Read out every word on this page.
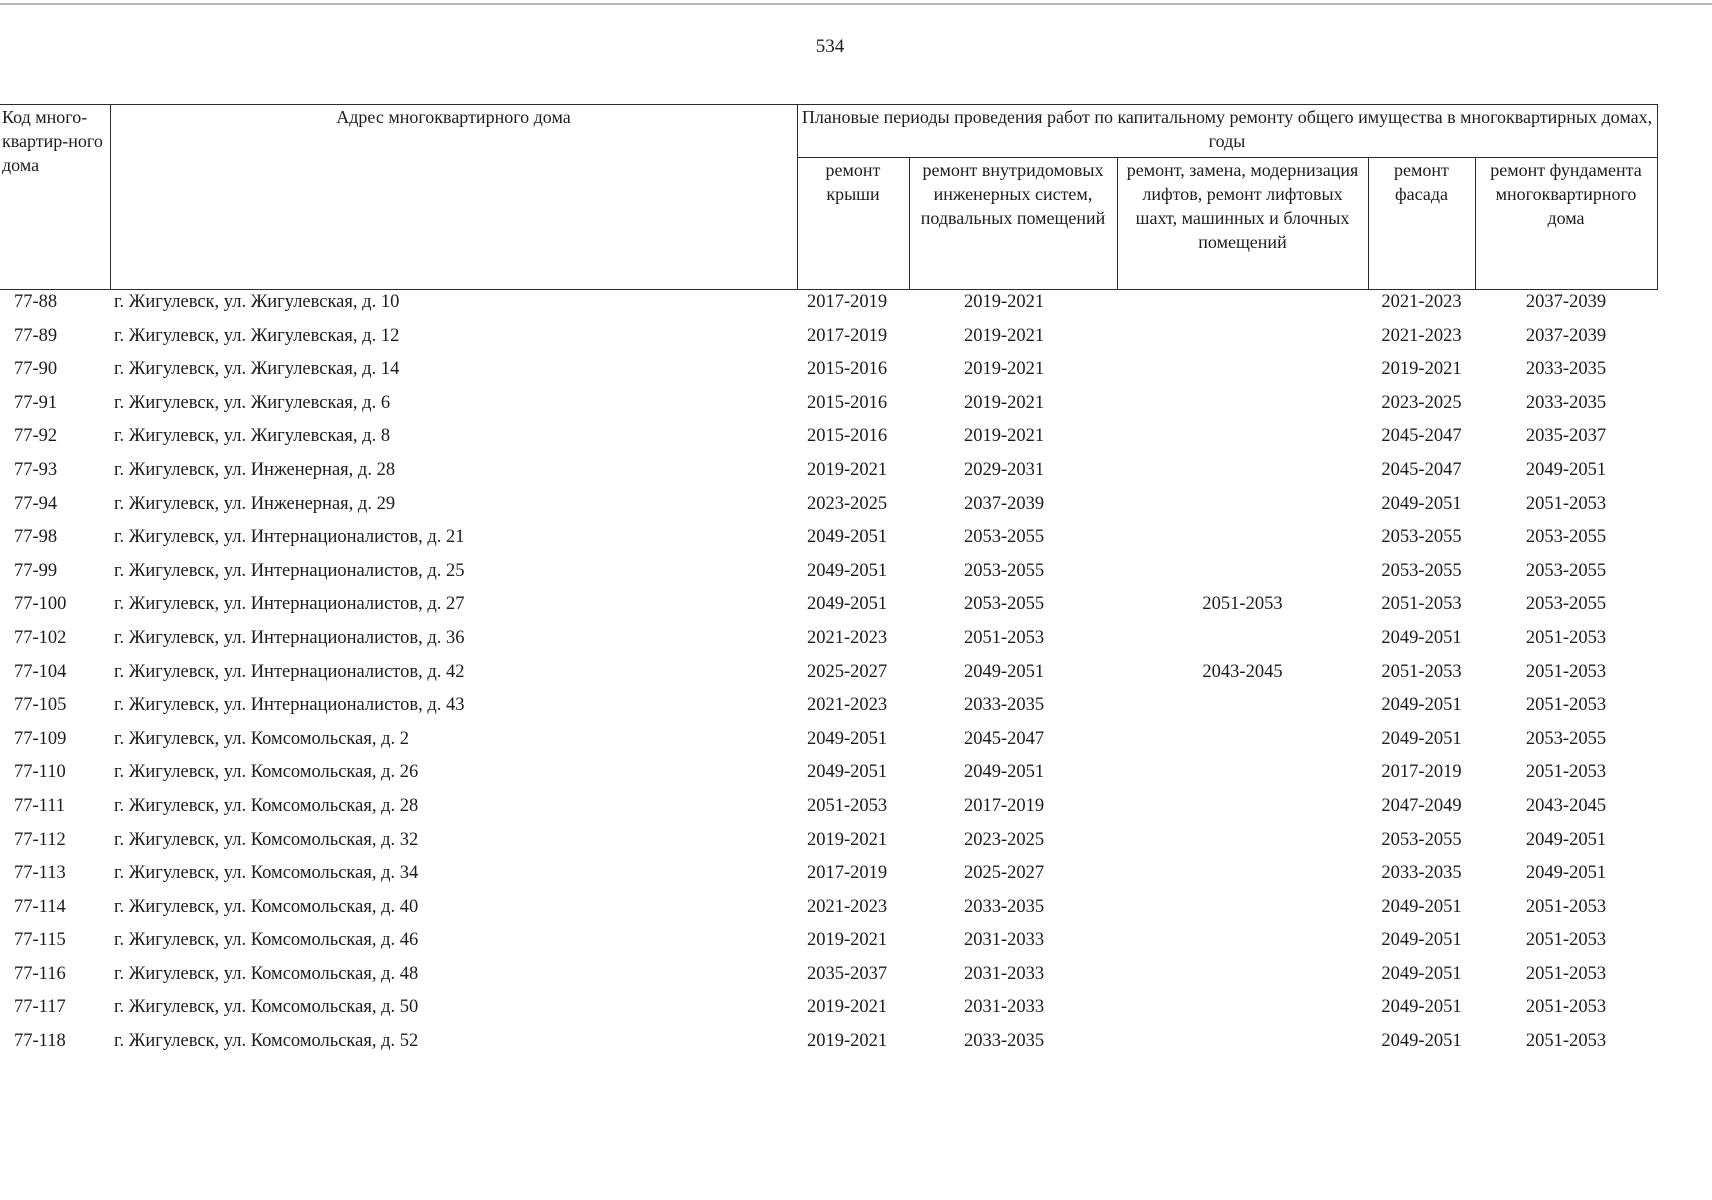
534
Код много-квартир-ного дома	Адрес многоквартирного дома	Плановые периоды проведения работ по капитальному ремонту общего имущества в многоквартирных домах, годы				
		ремонт крыши	ремонт внутридомовых инженерных систем, подвальных помещений	ремонт, замена, модернизация лифтов, ремонт лифтовых шахт, машинных и блочных помещений	ремонт фасада	ремонт фундамента многоквартирного дома
77-88	г. Жигулевск, ул. Жигулевская, д. 10	2017-2019	2019-2021		2021-2023	2037-2039
77-89	г. Жигулевск, ул. Жигулевская, д. 12	2017-2019	2019-2021		2021-2023	2037-2039
77-90	г. Жигулевск, ул. Жигулевская, д. 14	2015-2016	2019-2021		2019-2021	2033-2035
77-91	г. Жигулевск, ул. Жигулевская, д. 6	2015-2016	2019-2021		2023-2025	2033-2035
77-92	г. Жигулевск, ул. Жигулевская, д. 8	2015-2016	2019-2021		2045-2047	2035-2037
77-93	г. Жигулевск, ул. Инженерная, д. 28	2019-2021	2029-2031		2045-2047	2049-2051
77-94	г. Жигулевск, ул. Инженерная, д. 29	2023-2025	2037-2039		2049-2051	2051-2053
77-98	г. Жигулевск, ул. Интернационалистов, д. 21	2049-2051	2053-2055		2053-2055	2053-2055
77-99	г. Жигулевск, ул. Интернационалистов, д. 25	2049-2051	2053-2055		2053-2055	2053-2055
77-100	г. Жигулевск, ул. Интернационалистов, д. 27	2049-2051	2053-2055	2051-2053	2051-2053	2053-2055
77-102	г. Жигулевск, ул. Интернационалистов, д. 36	2021-2023	2051-2053		2049-2051	2051-2053
77-104	г. Жигулевск, ул. Интернационалистов, д. 42	2025-2027	2049-2051	2043-2045	2051-2053	2051-2053
77-105	г. Жигулевск, ул. Интернационалистов, д. 43	2021-2023	2033-2035		2049-2051	2051-2053
77-109	г. Жигулевск, ул. Комсомольская, д. 2	2049-2051	2045-2047		2049-2051	2053-2055
77-110	г. Жигулевск, ул. Комсомольская, д. 26	2049-2051	2049-2051		2017-2019	2051-2053
77-111	г. Жигулевск, ул. Комсомольская, д. 28	2051-2053	2017-2019		2047-2049	2043-2045
77-112	г. Жигулевск, ул. Комсомольская, д. 32	2019-2021	2023-2025		2053-2055	2049-2051
77-113	г. Жигулевск, ул. Комсомольская, д. 34	2017-2019	2025-2027		2033-2035	2049-2051
77-114	г. Жигулевск, ул. Комсомольская, д. 40	2021-2023	2033-2035		2049-2051	2051-2053
77-115	г. Жигулевск, ул. Комсомольская, д. 46	2019-2021	2031-2033		2049-2051	2051-2053
77-116	г. Жигулевск, ул. Комсомольская, д. 48	2035-2037	2031-2033		2049-2051	2051-2053
77-117	г. Жигулевск, ул. Комсомольская, д. 50	2019-2021	2031-2033		2049-2051	2051-2053
77-118	г. Жигулевск, ул. Комсомольская, д. 52	2019-2021	2033-2035		2049-2051	2051-2053
